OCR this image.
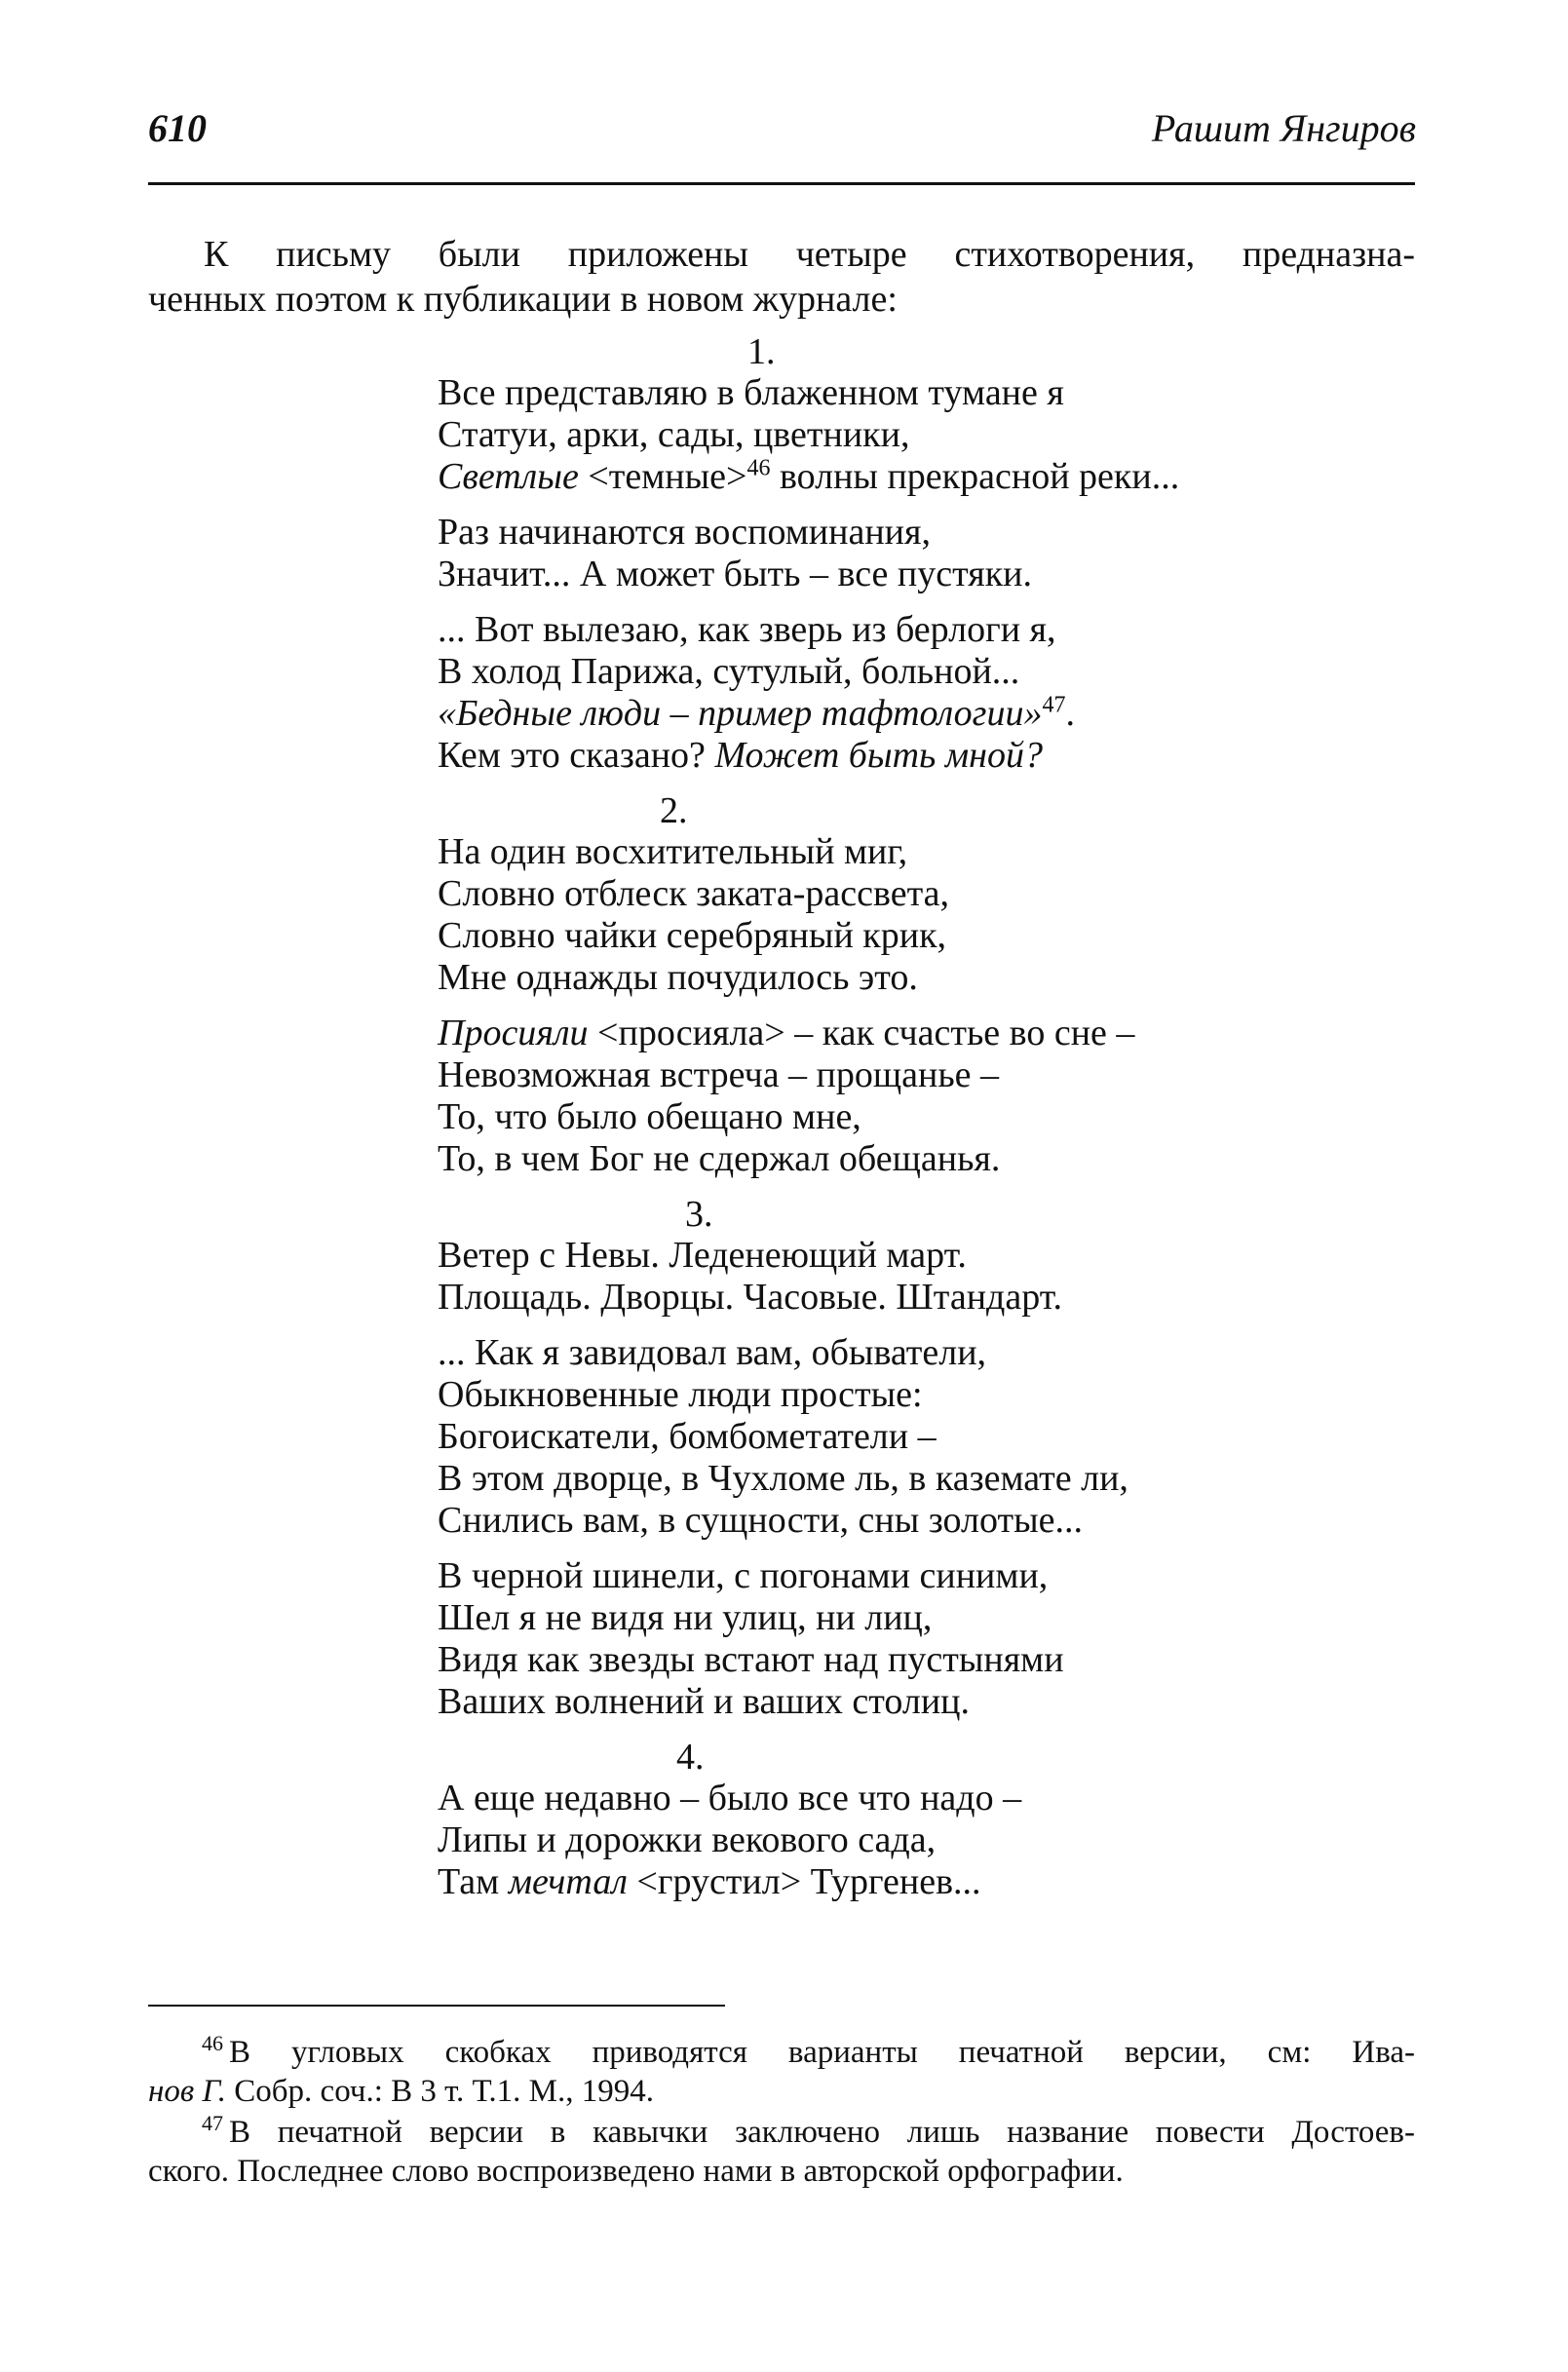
610	Рашит Янгиров
К письму были приложены четыре стихотворения, предназна-
ченных поэтом к публикации в новом журнале:
1.
Все представляю в блаженном тумане я
Статуи, арки, сады, цветники,
Светлые <темные>$^{46}$ волны прекрасной реки...
Раз начинаются воспоминания,
Значит... А может быть – все пустяки.
... Вот вылезаю, как зверь из берлоги я,
В холод Парижа, сутулый, больной...
«Бедные люди – пример тафтологии»$^{47}$.
Кем это сказано? Может быть мной?
2.
На один восхитительный миг,
Словно отблеск заката-рассвета,
Словно чайки серебряный крик,
Мне однажды почудилось это.
Просияли <просияла> – как счастье во сне –
Невозможная встреча – прощанье –
То, что было обещано мне,
То, в чем Бог не сдержал обещанья.
3.
Ветер с Невы. Леденеющий март.
Площадь. Дворцы. Часовые. Штандарт.
... Как я завидовал вам, обыватели,
Обыкновенные люди простые:
Богоискатели, бомбометатели –
В этом дворце, в Чухломе ль, в каземате ли,
Снились вам, в сущности, сны золотые...
В черной шинели, с погонами синими,
Шел я не видя ни улиц, ни лиц,
Видя как звезды встают над пустынями
Ваших волнений и ваших столиц.
4.
А еще недавно – было все что надо –
Липы и дорожки векового сада,
Там мечтал <грустил> Тургенев...
$^{46}$ В угловых скобках приводятся варианты печатной версии, см: Ива-
нов Г. Собр. соч.: В 3 т. Т.1. М., 1994.
$^{47}$ В печатной версии в кавычки заключено лишь название повести Достоев-
ского. Последнее слово воспроизведено нами в авторской орфографии.
